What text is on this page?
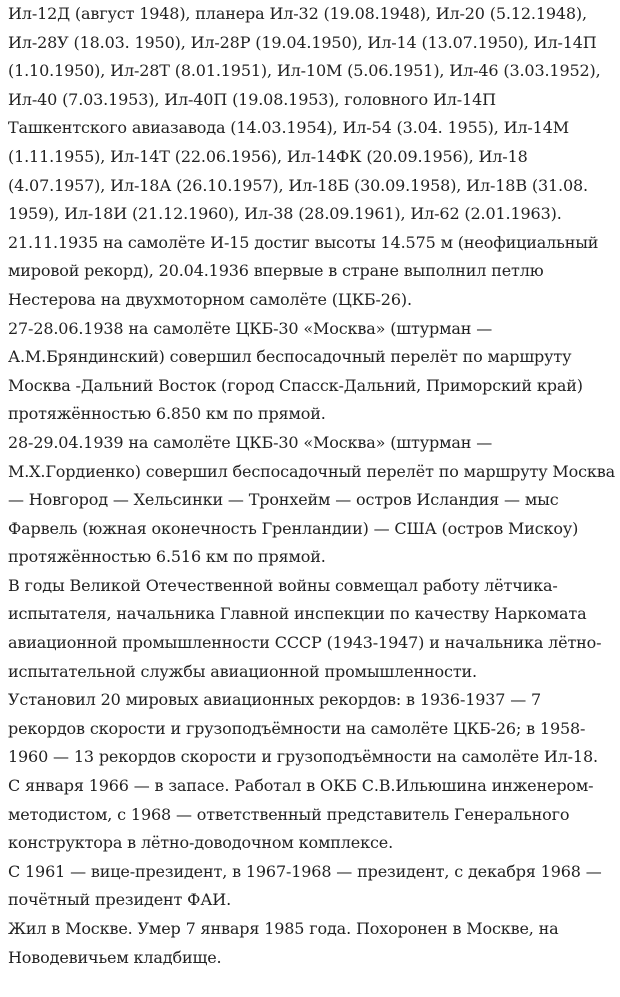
Ил-12Д (август 1948), планера Ил-32 (19.08.1948), Ил-20 (5.12.1948), Ил-28У (18.03. 1950), Ил-28Р (19.04.1950), Ил-14 (13.07.1950), Ил-14П (1.10.1950), Ил-28Т (8.01.1951), Ил-10М (5.06.1951), Ил-46 (3.03.1952), Ил-40 (7.03.1953), Ил-40П (19.08.1953), головного Ил-14П Ташкентского авиазавода (14.03.1954), Ил-54 (3.04. 1955), Ил-14М (1.11.1955), Ил-14Т (22.06.1956), Ил-14ФК (20.09.1956), Ил-18 (4.07.1957), Ил-18А (26.10.1957), Ил-18Б (30.09.1958), Ил-18В (31.08. 1959), Ил-18И (21.12.1960), Ил-38 (28.09.1961), Ил-62 (2.01.1963).

21.11.1935 на самолёте И-15 достиг высоты 14.575 м (неофициальный мировой рекорд), 20.04.1936 впервые в стране выполнил петлю Нестерова на двухмоторном самолёте (ЦКБ-26).

27-28.06.1938 на самолёте ЦКБ-30 «Москва» (штурман — А.М.Бряндинский) совершил беспосадочный перелёт по маршруту Москва -Дальний Восток (город Спасск-Дальний, Приморский край) протяжённостью 6.850 км по прямой.

28-29.04.1939 на самолёте ЦКБ-30 «Москва» (штурман — М.Х.Гордиенко) совершил беспосадочный перелёт по маршруту Москва — Новгород — Хельсинки — Тронхейм — остров Исландия — мыс Фарвель (южная оконечность Гренландии) — США (остров Мискоу) протяжённостью 6.516 км по прямой.

В годы Великой Отечественной войны совмещал работу лётчика-испытателя, начальника Главной инспекции по качеству Наркомата авиационной промышленности СССР (1943-1947) и начальника лётно-испытательной службы авиационной промышленности.

Установил 20 мировых авиационных рекордов: в 1936-1937 — 7 рекордов скорости и грузоподъёмности на самолёте ЦКБ-26; в 1958-1960 — 13 рекордов скорости и грузоподъёмности на самолёте Ил-18.

С января 1966 — в запасе. Работал в ОКБ С.В.Ильюшина инженером-методистом, с 1968 — ответственный представитель Генерального конструктора в лётно-доводочном комплексе.

С 1961 — вице-президент, в 1967-1968 — президент, с декабря 1968 — почётный президент ФАИ.

Жил в Москве. Умер 7 января 1985 года. Похоронен в Москве, на Новодевичьем кладбище.
